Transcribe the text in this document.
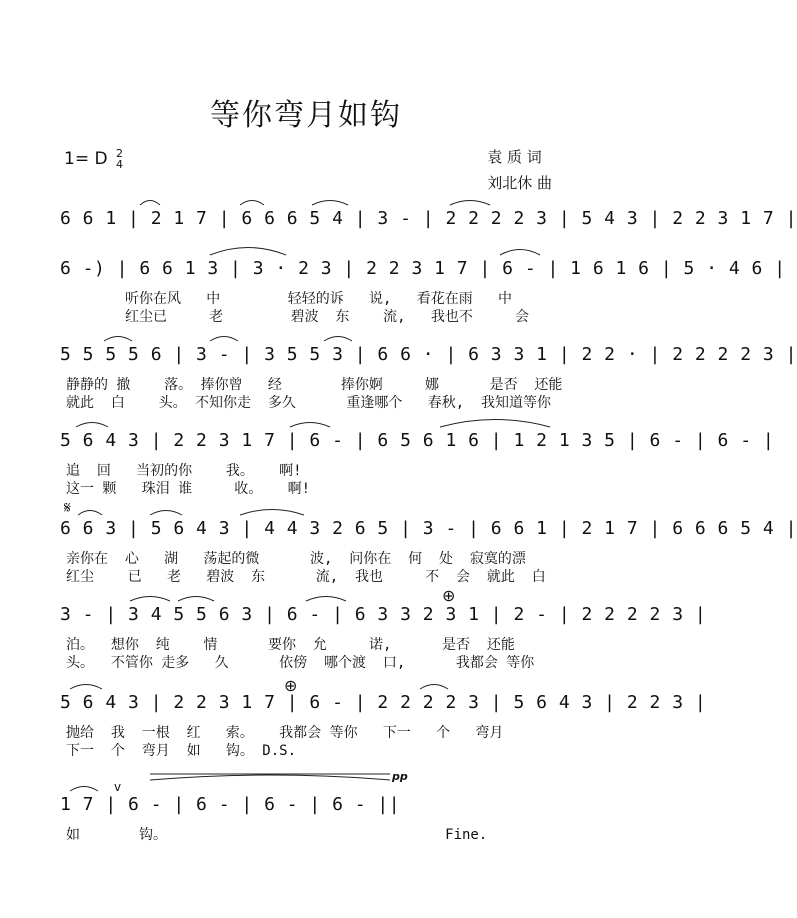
等你弯月如钩
1= D 2
4	袁 质 词
刘北休 曲
6 6 1 | 2 1 7 | 6 6 6 5 4 | 3 - | 2 2 2 2 3 | 5 4 3 | 2 2 3 1 7 |
6 -) | 6 6 1 3 | 3 · 2 3 | 2 2 3 1 7 | 6 - | 1 6 1 6 | 5 · 4 6 |
听你在风   中        轻轻的诉   说,   看花在雨   中
红尘已     老        碧波  东    流,   我也不     会
5 5 5 5 6 | 3 - | 3 5 5 3 | 6 6 · | 6 3 3 1 | 2 2 · | 2 2 2 2 3 |
静静的 撤    落。 捧你曾   经       捧你婀     娜      是否  还能
就此  白    头。 不知你走  多久      重逢哪个   春秋,  我知道等你
5 6 4 3 | 2 2 3 1 7 | 6 - | 6 5 6 1 6 | 1 2 1 3 5 | 6 - | 6 - |
追  回   当初的你    我。   啊!
这一 颗   珠泪 谁     收。   啊!
𝄋
6 6 3 | 5 6 4 3 | 4 4 3 2 6 5 | 3 - | 6 6 1 | 2 1 7 | 6 6 6 5 4 |
亲你在  心   湖   荡起的微      波,  问你在  何  处  寂寞的漂
红尘    已   老   碧波  东      流,  我也     不  会  就此  白
⊕
3 - | 3 4 5 5 6 3 | 6 - | 6 3 3 2 3 1 | 2 - | 2 2 2 2 3 |
泊。  想你  纯    情      要你  允     诺,      是否  还能
头。  不管你 走多   久      依傍  哪个渡  口,      我都会 等你
⊕
5 6 4 3 | 2 2 3 1 7 | 6 - | 2 2 2 2 3 | 5 6 4 3 | 2 2 3 |
抛给  我  一根  红   索。   我都会 等你   下一   个   弯月
下一  个  弯月  如   钩。 D.S.
pp
v
1 7 | 6 - | 6 - | 6 - | 6 - ||
如       钩。                                 Fine.
